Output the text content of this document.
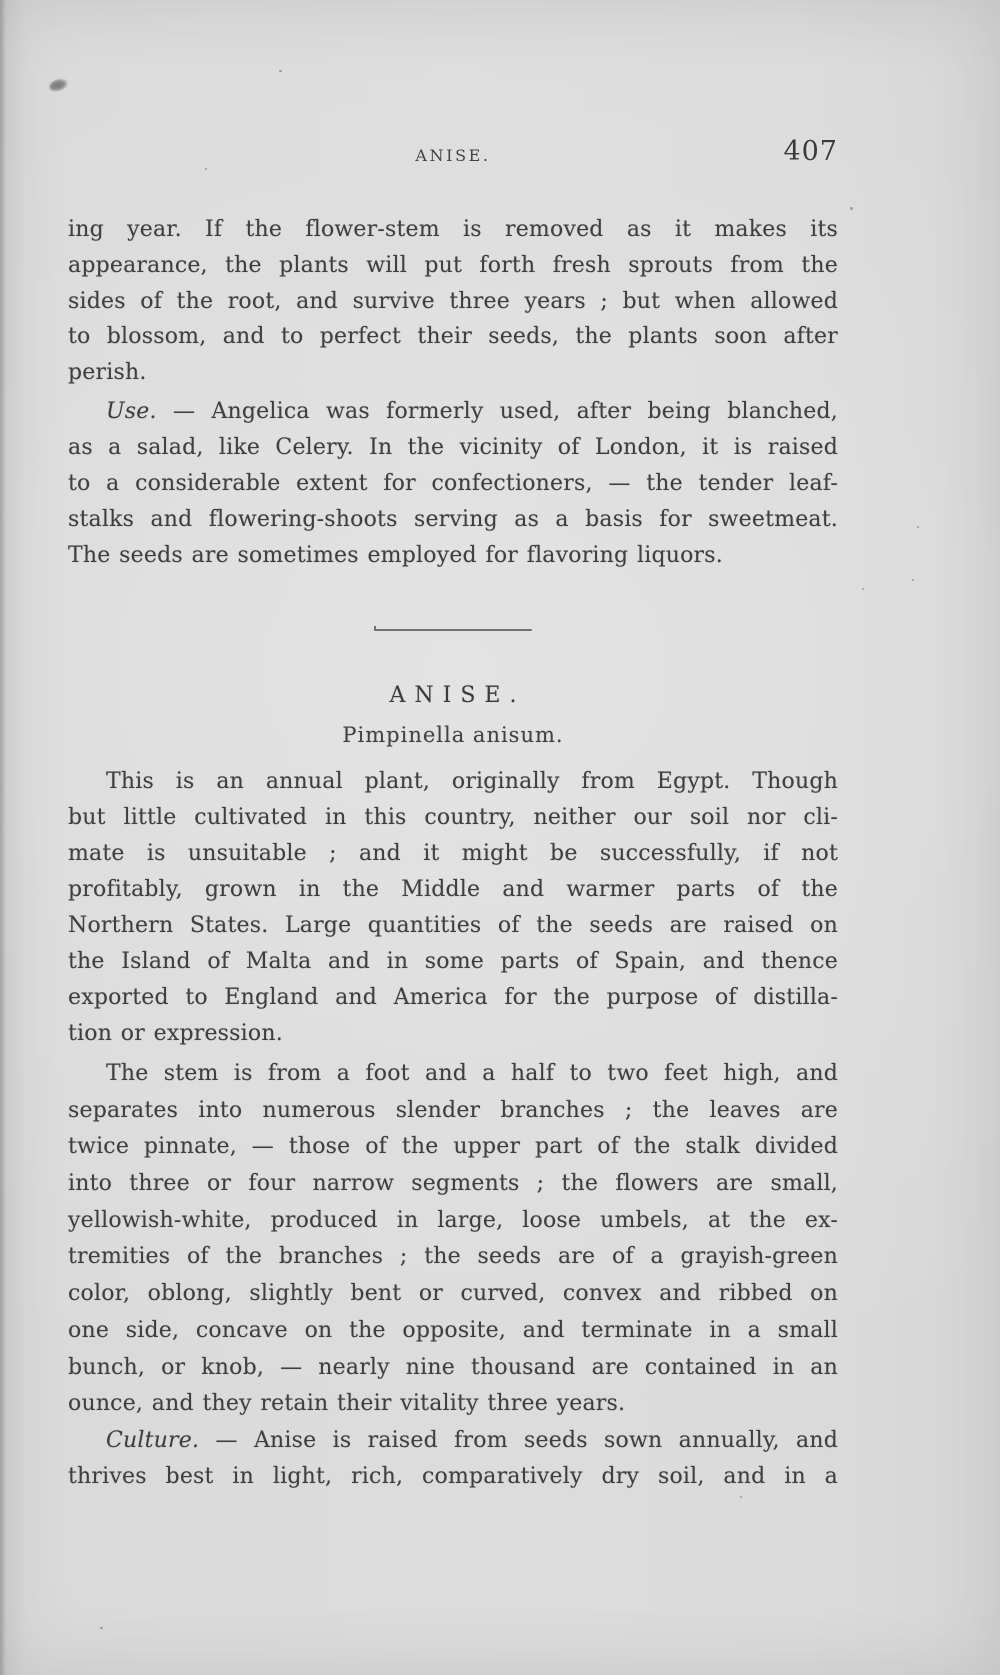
ANISE.	407
ing year. If the flower-stem is removed as it makes its
appearance, the plants will put forth fresh sprouts from the
sides of the root, and survive three years ; but when allowed
to blossom, and to perfect their seeds, the plants soon after
perish.
Use. — Angelica was formerly used, after being blanched,
as a salad, like Celery. In the vicinity of London, it is raised
to a considerable extent for confectioners, — the tender leaf-
stalks and flowering-shoots serving as a basis for sweetmeat.
The seeds are sometimes employed for flavoring liquors.
ANISE.
Pimpinella anisum.
This is an annual plant, originally from Egypt. Though
but little cultivated in this country, neither our soil nor cli-
mate is unsuitable ; and it might be successfully, if not
profitably, grown in the Middle and warmer parts of the
Northern States. Large quantities of the seeds are raised on
the Island of Malta and in some parts of Spain, and thence
exported to England and America for the purpose of distilla-
tion or expression.
The stem is from a foot and a half to two feet high, and
separates into numerous slender branches ; the leaves are
twice pinnate, — those of the upper part of the stalk divided
into three or four narrow segments ; the flowers are small,
yellowish-white, produced in large, loose umbels, at the ex-
tremities of the branches ; the seeds are of a grayish-green
color, oblong, slightly bent or curved, convex and ribbed on
one side, concave on the opposite, and terminate in a small
bunch, or knob, — nearly nine thousand are contained in an
ounce, and they retain their vitality three years.
Culture. — Anise is raised from seeds sown annually, and
thrives best in light, rich, comparatively dry soil, and in a
